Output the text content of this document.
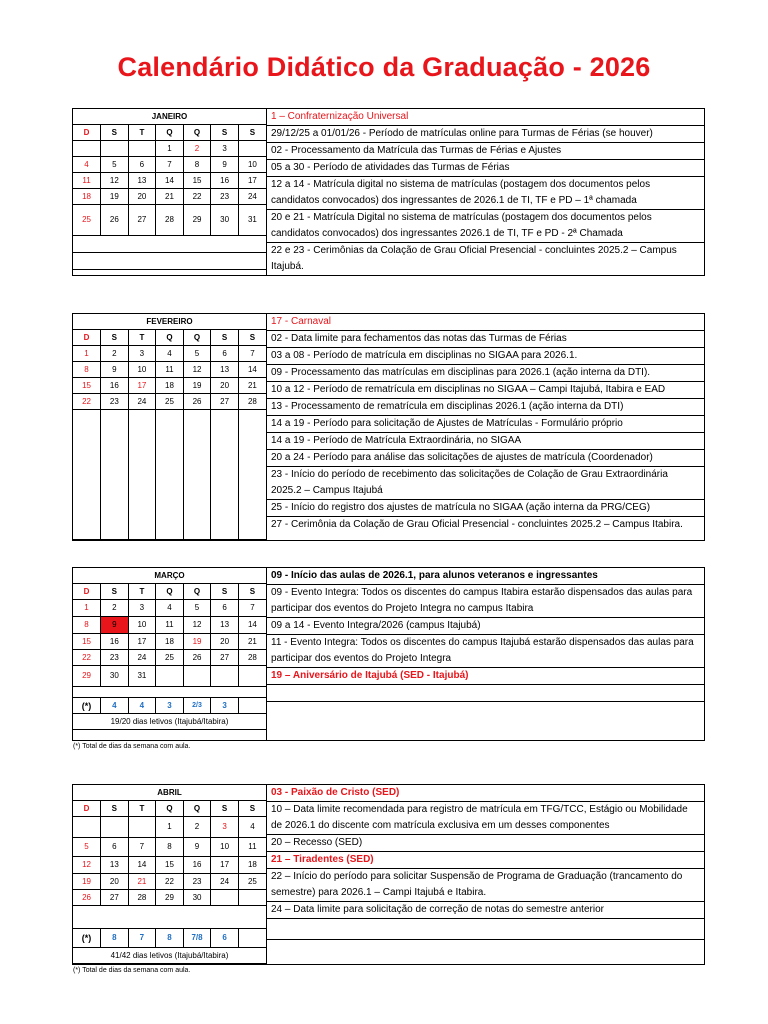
Calendário Didático da Graduação - 2026
JANEIRO						
D	S	T	Q	Q	S	S
			1	2	3	
4	5	6	7	8	9	10
11	12	13	14	15	16	17
18	19	20	21	22	23	24
25	26	27	28	29	30	31

1 – Confraternização Universal
29/12/25 a 01/01/26 - Período de matrículas online para Turmas de Férias (se houver)
02 - Processamento da Matrícula das Turmas de Férias e Ajustes
05 a 30 - Período de atividades das Turmas de Férias
12 a 14 - Matrícula digital no sistema de matrículas (postagem dos documentos pelos candidatos convocados) dos ingressantes de 2026.1 de TI, TF e PD – 1ª chamada
20 e 21 - Matrícula Digital no sistema de matrículas (postagem dos documentos pelos candidatos convocados) dos ingressantes 2026.1 de TI, TF e PD - 2ª Chamada
22 e 23 - Cerimônias da Colação de Grau Oficial Presencial - concluintes 2025.2 – Campus Itajubá.
FEVEREIRO						
D	S	T	Q	Q	S	S
1	2	3	4	5	6	7
8	9	10	11	12	13	14
15	16	17	18	19	20	21
22	23	24	25	26	27	28

17 - Carnaval
02 - Data limite para fechamentos das notas das Turmas de Férias
03 a 08 - Período de matrícula em disciplinas no SIGAA para 2026.1.
09 - Processamento das matrículas em disciplinas para 2026.1 (ação interna da DTI).
10 a 12 - Período de rematrícula em disciplinas no SIGAA – Campi Itajubá, Itabira e EAD
13 - Processamento de rematrícula em disciplinas 2026.1 (ação interna da DTI)
14 a 19 - Período para solicitação de Ajustes de Matrículas - Formulário próprio
14 a 19 - Período de Matrícula Extraordinária, no SIGAA
20 a 24 - Período para análise das solicitações de ajustes de matrícula (Coordenador)
23 - Início do período de recebimento das solicitações de Colação de Grau Extraordinária 2025.2 – Campus Itajubá
25 - Início do registro dos ajustes de matrícula no SIGAA (ação interna da PRG/CEG)
27 - Cerimônia da Colação de Grau Oficial Presencial - concluintes 2025.2 – Campus Itabira.
MARÇO						
D	S	T	Q	Q	S	S
1	2	3	4	5	6	7
8	9	10	11	12	13	14
15	16	17	18	19	20	21
22	23	24	25	26	27	28
29	30	31				

(*)	4	4	3	2/3	3	
19/20 dias letivos (Itajubá/Itabira)						
09 - Início das aulas de 2026.1, para alunos veteranos e ingressantes
09 - Evento Integra: Todos os discentes do campus Itabira estarão dispensados das aulas para participar dos eventos do Projeto Integra no campus Itabira
09 a 14 - Evento Integra/2026 (campus Itajubá)
11 - Evento Integra: Todos os discentes do campus Itajubá estarão dispensados das aulas para participar dos eventos do Projeto Integra
19 – Aniversário de Itajubá (SED - Itajubá)
(*) Total de dias da semana com aula.
ABRIL						
D	S	T	Q	Q	S	S
			1	2	3	4
5	6	7	8	9	10	11
12	13	14	15	16	17	18
19	20	21	22	23	24	25
26	27	28	29	30		

(*)	8	7	8	7/8	6	
41/42 dias letivos (Itajubá/Itabira)						
03 - Paixão de Cristo (SED)
10 – Data limite recomendada para registro de matrícula em TFG/TCC, Estágio ou Mobilidade de 2026.1 do discente com matrícula exclusiva em um desses componentes
20 – Recesso (SED)
21 – Tiradentes (SED)
22 – Início do período para solicitar Suspensão de Programa de Graduação (trancamento do semestre) para 2026.1 – Campi Itajubá e Itabira.
24 – Data limite para solicitação de correção de notas do semestre anterior
(*) Total de dias da semana com aula.
